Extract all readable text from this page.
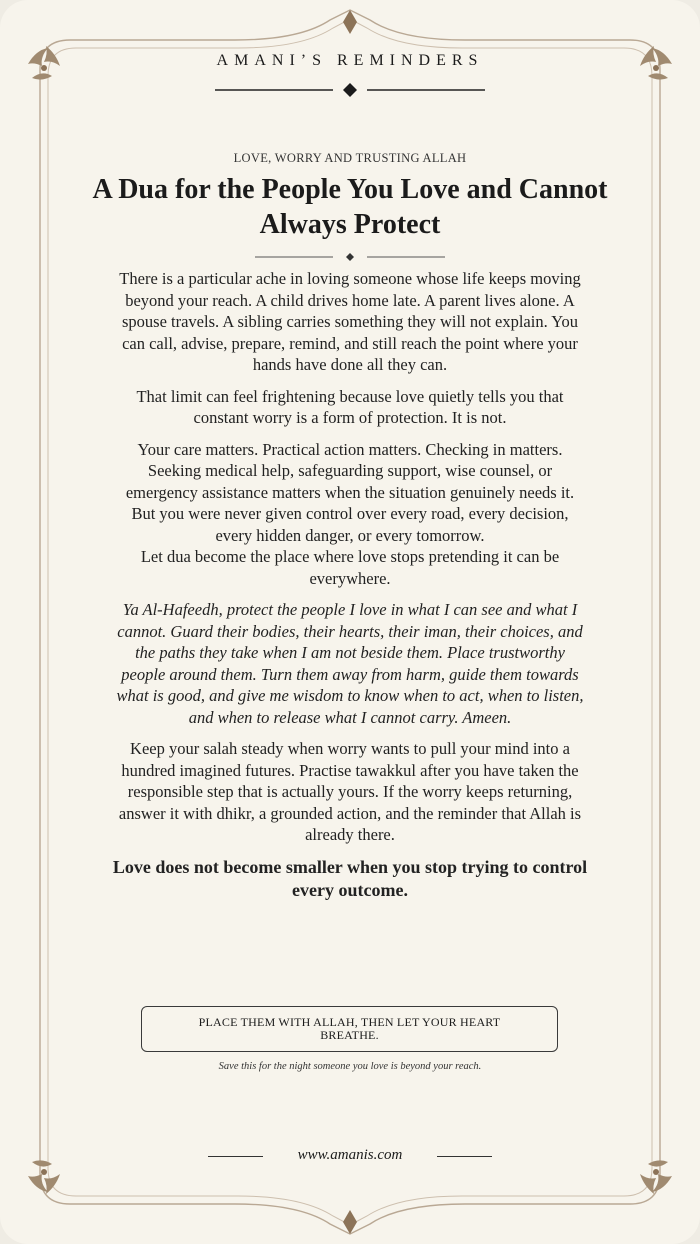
AMANI’S REMINDERS
LOVE, WORRY AND TRUSTING ALLAH
A Dua for the People You Love and Cannot Always Protect

There is a particular ache in loving someone whose life keeps moving beyond your reach. A child drives home late. A parent lives alone. A spouse travels. A sibling carries something they will not explain. You can call, advise, prepare, remind, and still reach the point where your hands have done all they can.

That limit can feel frightening because love quietly tells you that constant worry is a form of protection. It is not.

Your care matters. Practical action matters. Checking in matters. Seeking medical help, safeguarding support, wise counsel, or emergency assistance matters when the situation genuinely needs it. But you were never given control over every road, every decision, every hidden danger, or every tomorrow.

Let dua become the place where love stops pretending it can be everywhere.

Ya Al-Hafeedh, protect the people I love in what I can see and what I cannot. Guard their bodies, their hearts, their iman, their choices, and the paths they take when I am not beside them. Place trustworthy people around them. Turn them away from harm, guide them towards what is good, and give me wisdom to know when to act, when to listen, and when to release what I cannot carry. Ameen.

Keep your salah steady when worry wants to pull your mind into a hundred imagined futures. Practise tawakkul after you have taken the responsible step that is actually yours. If the worry keeps returning, answer it with dhikr, a grounded action, and the reminder that Allah is already there.

Love does not become smaller when you stop trying to control every outcome.

PLACE THEM WITH ALLAH, THEN LET YOUR HEART BREATHE.
Save this for the night someone you love is beyond your reach.
www.amanis.com
